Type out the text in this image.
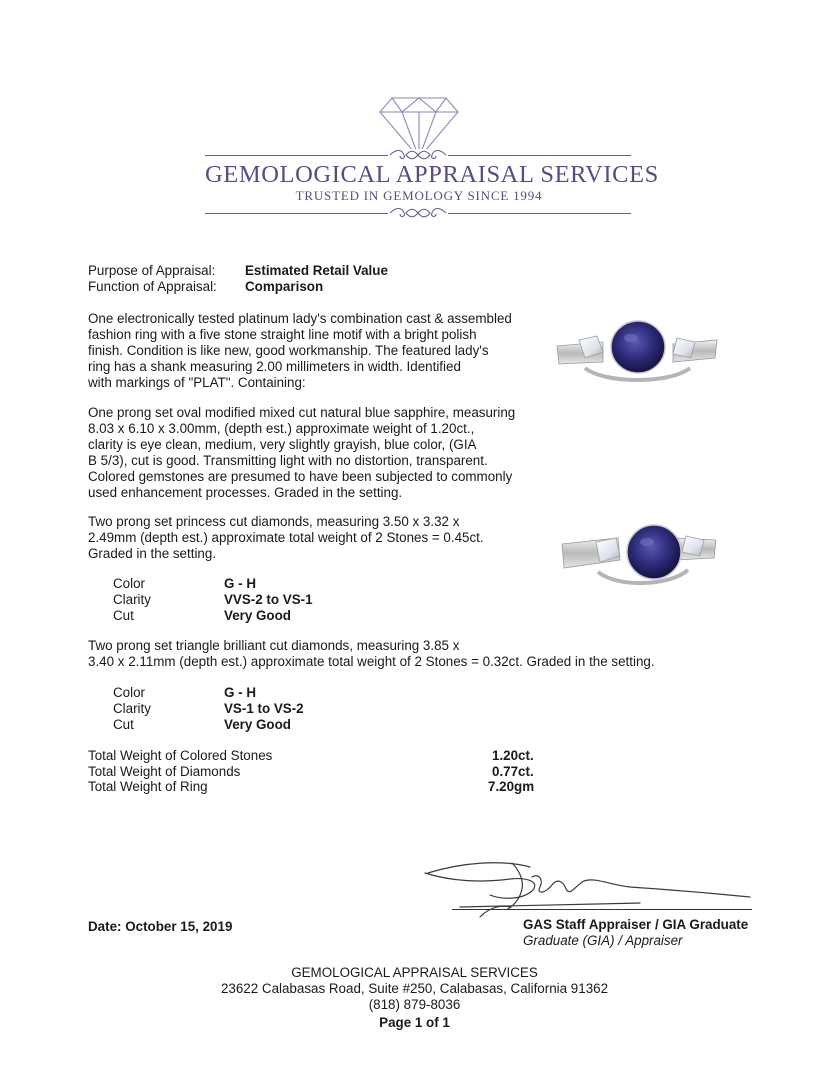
GEMOLOGICAL APPRAISAL SERVICES
TRUSTED IN GEMOLOGY SINCE 1994
Purpose of Appraisal: Estimated Retail Value
Function of Appraisal: Comparison
One electronically tested platinum lady's combination cast & assembled
fashion ring with a five stone straight line motif with a bright polish
finish. Condition is like new, good workmanship. The featured lady's
ring has a shank measuring 2.00 millimeters in width. Identified
with markings of "PLAT". Containing:
One prong set oval modified mixed cut natural blue sapphire, measuring
8.03 x 6.10 x 3.00mm, (depth est.) approximate weight of 1.20ct.,
clarity is eye clean, medium, very slightly grayish, blue color, (GIA
B 5/3), cut is good. Transmitting light with no distortion, transparent.
Colored gemstones are presumed to have been subjected to commonly
used enhancement processes. Graded in the setting.
Two prong set princess cut diamonds, measuring 3.50 x 3.32 x
2.49mm (depth est.) approximate total weight of 2 Stones = 0.45ct.
Graded in the setting.
Color	G - H
Clarity	VVS-2 to VS-1
Cut	Very Good
Two prong set triangle brilliant cut diamonds, measuring 3.85 x
3.40 x 2.11mm (depth est.) approximate total weight of 2 Stones = 0.32ct. Graded in the setting.
Color	G - H
Clarity	VS-1 to VS-2
Cut	Very Good
Total Weight of Colored Stones	1.20ct.
Total Weight of Diamonds	0.77ct.
Total Weight of Ring	7.20gm
Date: October 15, 2019	GAS Staff Appraiser / GIA Graduate
Graduate (GIA) / Appraiser
GEMOLOGICAL APPRAISAL SERVICES
23622 Calabasas Road, Suite #250, Calabasas, California 91362
(818) 879-8036
Page 1 of 1
